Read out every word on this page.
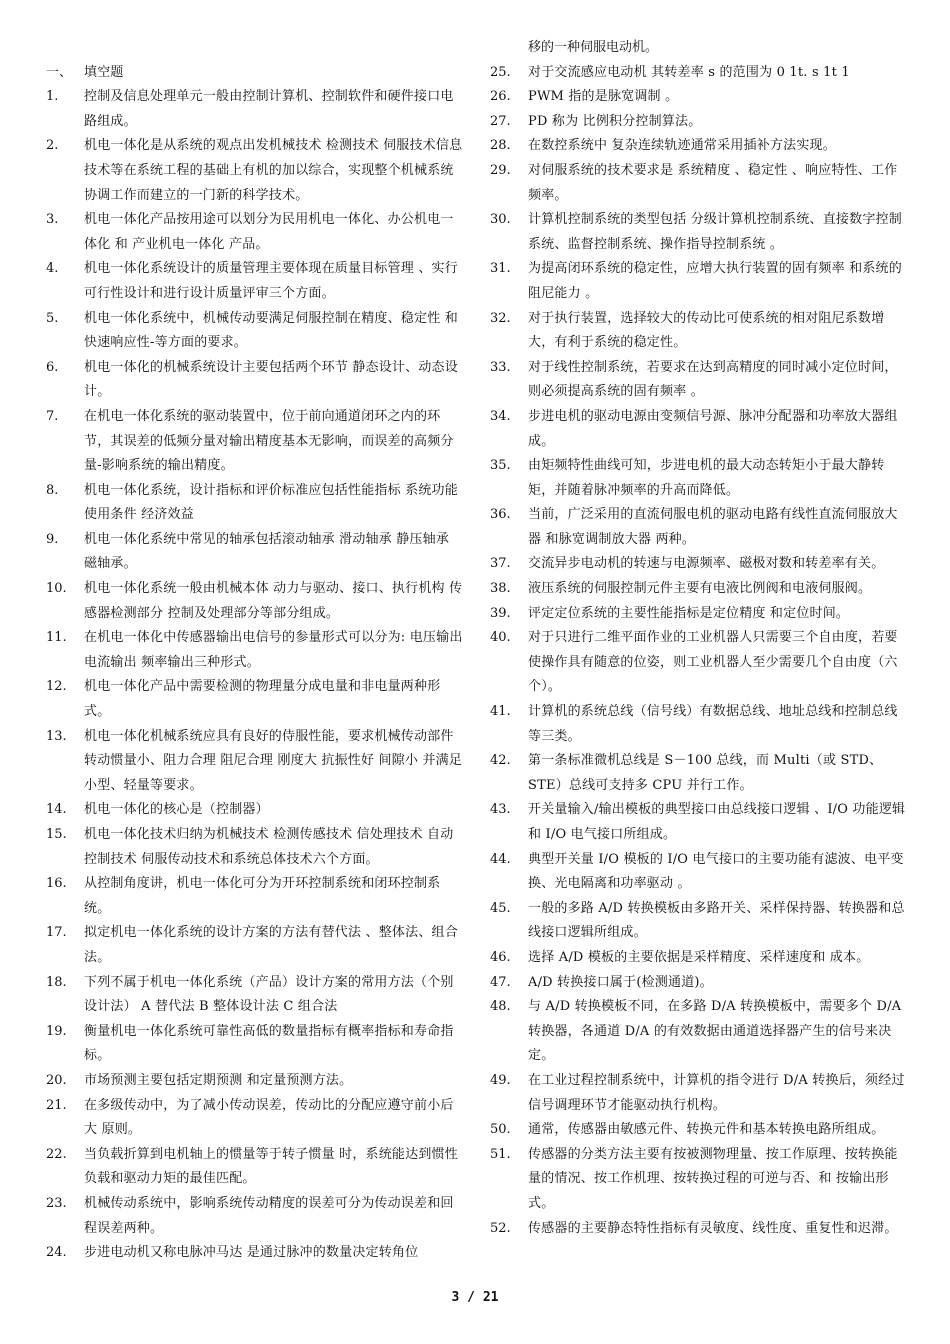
一、 填空题
1.	控制及信息处理单元一般由控制计算机、控制软件和硬件接口电路组成。
2.	机电一体化是从系统的观点出发机械技术 检测技术 伺服技术信息技术等在系统工程的基础上有机的加以综合，实现整个机械系统协调工作而建立的一门新的科学技术。
3.	机电一体化产品按用途可以划分为民用机电一体化、办公机电一体化 和 产业机电一体化 产品。
4.	机电一体化系统设计的质量管理主要体现在质量目标管理 、实行可行性设计和进行设计质量评审三个方面。
5.	机电一体化系统中，机械传动要满足伺服控制在精度、稳定性 和 快速响应性-等方面的要求。
6.	机电一体化的机械系统设计主要包括两个环节 静态设计、动态设计。
7.	在机电一体化系统的驱动装置中，位于前向通道闭环之内的环节，其误差的低频分量对输出精度基本无影响，而误差的高频分量-影响系统的输出精度。
8.	机电一体化系统，设计指标和评价标准应包括性能指标 系统功能 使用条件 经济效益
9.	机电一体化系统中常见的轴承包括滚动轴承 滑动轴承 静压轴承 磁轴承。
10.	机电一体化系统一般由机械本体 动力与驱动、接口、执行机构 传感器检测部分 控制及处理部分等部分组成。
11.	在机电一体化中传感器输出电信号的参量形式可以分为: 电压输出 电流输出 频率输出三种形式。
12.	机电一体化产品中需要检测的物理量分成电量和非电量两种形式。
13.	机电一体化机械系统应具有良好的侍服性能，要求机械传动部件转动惯量小、阻力合理 阻尼合理 刚度大 抗振性好 间隙小 并满足小型、轻量等要求。
14.	机电一体化的核心是（控制器）
15.	机电一体化技术归纳为机械技术 检测传感技术 信处理技术 自动控制技术 伺服传动技术和系统总体技术六个方面。
16.	从控制角度讲，机电一体化可分为开环控制系统和闭环控制系统。
17.	拟定机电一体化系统的设计方案的方法有替代法 、整体法、组合法。
18.	下列不属于机电一体化系统（产品）设计方案的常用方法（个别设计法） A 替代法 B 整体设计法 C 组合法
19.	衡量机电一体化系统可靠性高低的数量指标有概率指标和寿命指标。
20.	市场预测主要包括定期预测 和定量预测方法。
21.	在多级传动中，为了减小传动误差，传动比的分配应遵守前小后大 原则。
22.	当负载折算到电机轴上的惯量等于转子惯量 时，系统能达到惯性负载和驱动力矩的最佳匹配。
23.	机械传动系统中，影响系统传动精度的误差可分为传动误差和回程误差两种。
24.	步进电动机又称电脉冲马达 是通过脉冲的数量决定转角位
移的一种伺服电动机。
25.	对于交流感应电动机 其转差率 s 的范围为 0 1t. s 1t 1
26.	PWM 指的是脉宽调制 。
27.	PD 称为 比例积分控制算法。
28.	在数控系统中 复杂连续轨迹通常采用插补方法实现。
29.	对伺服系统的技术要求是 系统精度 、稳定性 、响应特性、工作频率。
30.	计算机控制系统的类型包括 分级计算机控制系统、直接数字控制系统、监督控制系统、操作指导控制系统 。
31.	为提高闭环系统的稳定性，应增大执行装置的固有频率 和系统的阻尼能力 。
32.	对于执行装置，选择较大的传动比可使系统的相对阻尼系数增大，有利于系统的稳定性。
33.	对于线性控制系统，若要求在达到高精度的同时减小定位时间，则必须提高系统的固有频率 。
34.	步进电机的驱动电源由变频信号源、脉冲分配器和功率放大器组成。
35.	由矩频特性曲线可知，步进电机的最大动态转矩小于最大静转矩，并随着脉冲频率的升高而降低。
36.	当前，广泛采用的直流伺服电机的驱动电路有线性直流伺服放大器 和脉宽调制放大器 两种。
37.	交流异步电动机的转速与电源频率、磁极对数和转差率有关。
38.	液压系统的伺服控制元件主要有电液比例阀和电液伺服阀。
39.	评定定位系统的主要性能指标是定位精度 和定位时间。
40.	对于只进行二维平面作业的工业机器人只需要三个自由度，若要使操作具有随意的位姿，则工业机器人至少需要几个自由度（六个）。
41.	计算机的系统总线（信号线）有数据总线、地址总线和控制总线等三类。
42.	第一条标准微机总线是 S－100 总线，而 Multi（或 STD、STE）总线可支持多 CPU 并行工作。
43.	开关量输入/输出模板的典型接口由总线接口逻辑 、I/O 功能逻辑和 I/O 电气接口所组成。
44.	典型开关量 I/O 模板的 I/O 电气接口的主要功能有滤波、电平变换、光电隔离和功率驱动 。
45.	一般的多路 A/D 转换模板由多路开关、采样保持器、转换器和总线接口逻辑所组成。
46.	选择 A/D 模板的主要依据是采样精度、采样速度和 成本。
47.	A/D 转换接口属于(检测通道)。
48.	与 A/D 转换模板不同，在多路 D/A 转换模板中，需要多个 D/A 转换器，各通道 D/A 的有效数据由通道选择器产生的信号来决定。
49.	在工业过程控制系统中，计算机的指令进行 D/A 转换后，须经过信号调理环节才能驱动执行机构。
50.	通常，传感器由敏感元件、转换元件和基本转换电路所组成。
51.	传感器的分类方法主要有按被测物理量、按工作原理、按转换能量的情况、按工作机理、按转换过程的可逆与否、和 按输出形式。
52.	传感器的主要静态特性指标有灵敏度、线性度、重复性和迟滞。
3 / 21
